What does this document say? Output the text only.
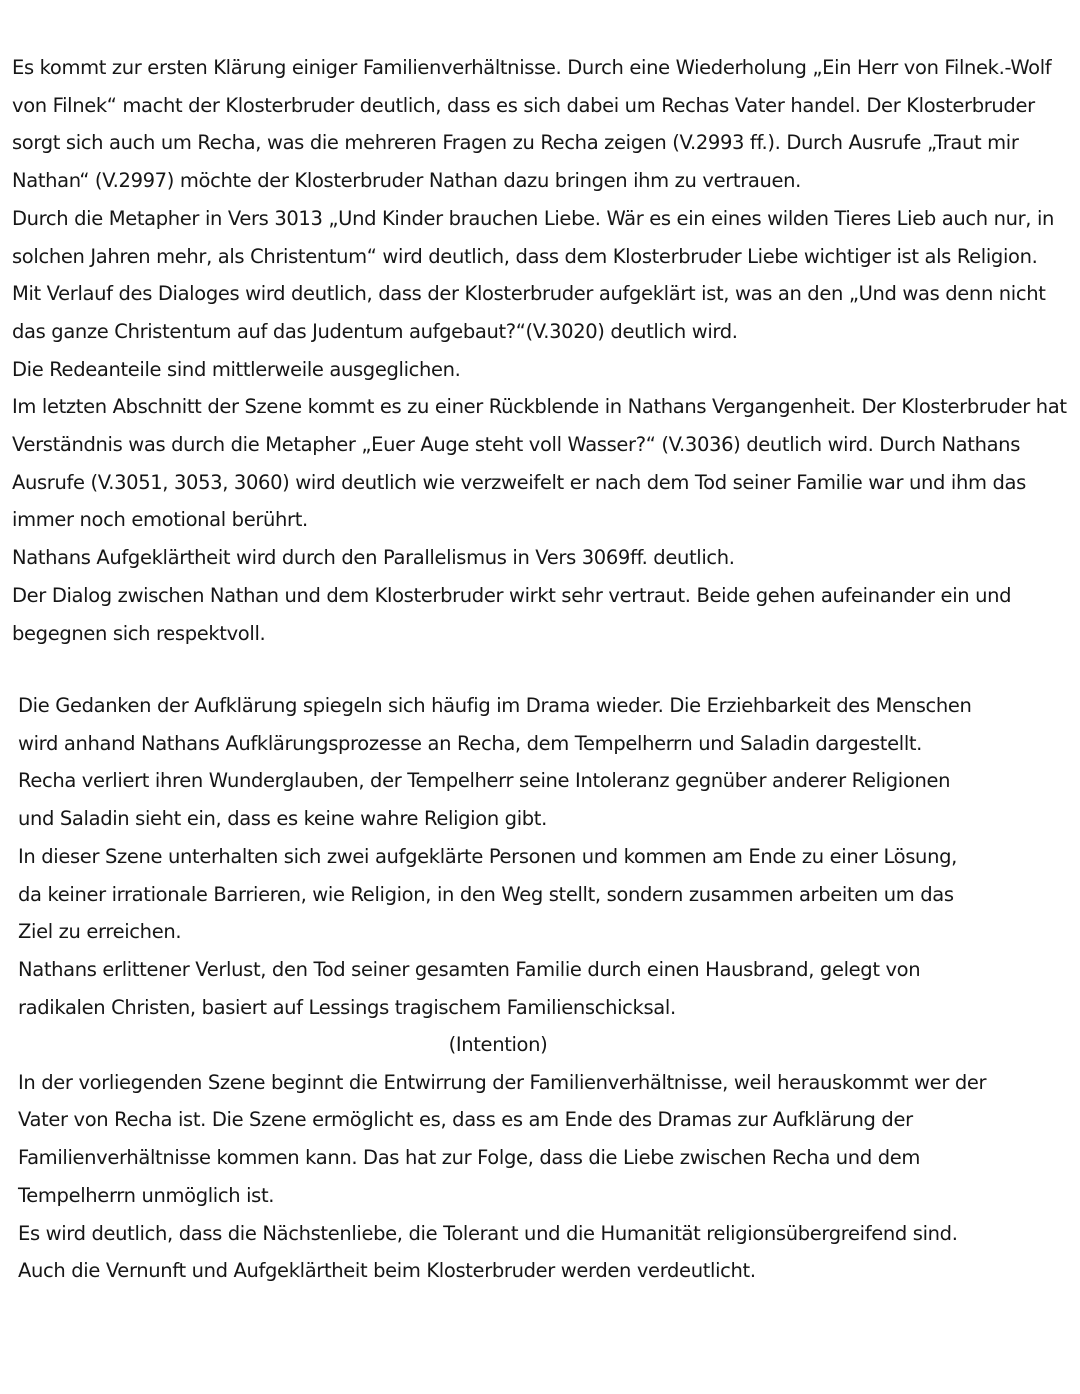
Es kommt zur ersten Klärung einiger Familienverhältnisse. Durch eine Wiederholung „Ein Herr von Filnek.-Wolf von Filnek“ macht der Klosterbruder deutlich, dass es sich dabei um Rechas Vater handel. Der Klosterbruder sorgt sich auch um Recha, was die mehreren Fragen zu Recha zeigen (V.2993 ff.). Durch Ausrufe „Traut mir Nathan“ (V.2997) möchte der Klosterbruder Nathan dazu bringen ihm zu vertrauen.

Durch die Metapher in Vers 3013 „Und Kinder brauchen Liebe. Wär es ein eines wilden Tieres Lieb auch nur, in solchen Jahren mehr, als Christentum“ wird deutlich, dass dem Klosterbruder Liebe wichtiger ist als Religion. Mit Verlauf des Dialoges wird deutlich, dass der Klosterbruder aufgeklärt ist, was an den „Und was denn nicht das ganze Christentum auf das Judentum aufgebaut?“(V.3020) deutlich wird.

Die Redeanteile sind mittlerweile ausgeglichen.

Im letzten Abschnitt der Szene kommt es zu einer Rückblende in Nathans Vergangenheit. Der Klosterbruder hat Verständnis was durch die Metapher „Euer Auge steht voll Wasser?“ (V.3036) deutlich wird. Durch Nathans Ausrufe (V.3051, 3053, 3060) wird deutlich wie verzweifelt er nach dem Tod seiner Familie war und ihm das immer noch emotional berührt.

Nathans Aufgeklärtheit wird durch den Parallelismus in Vers 3069ff. deutlich.

Der Dialog zwischen Nathan und dem Klosterbruder wirkt sehr vertraut. Beide gehen aufeinander ein und begegnen sich respektvoll.

Die Gedanken der Aufklärung spiegeln sich häufig im Drama wieder. Die Erziehbarkeit des Menschen wird anhand Nathans Aufklärungsprozesse an Recha, dem Tempelherrn und Saladin dargestellt. Recha verliert ihren Wunderglauben, der Tempelherr seine Intoleranz gegnüber anderer Religionen und Saladin sieht ein, dass es keine wahre Religion gibt.

In dieser Szene unterhalten sich zwei aufgeklärte Personen und kommen am Ende zu einer Lösung, da keiner irrationale Barrieren, wie Religion, in den Weg stellt, sondern zusammen arbeiten um das Ziel zu erreichen.

Nathans erlittener Verlust, den Tod seiner gesamten Familie durch einen Hausbrand, gelegt von radikalen Christen, basiert auf Lessings tragischem Familienschicksal.

(Intention)

In der vorliegenden Szene beginnt die Entwirrung der Familienverhältnisse, weil herauskommt wer der Vater von Recha ist. Die Szene ermöglicht es, dass es am Ende des Dramas zur Aufklärung der Familienverhältnisse kommen kann. Das hat zur Folge, dass die Liebe zwischen Recha und dem Tempelherrn unmöglich ist.

Es wird deutlich, dass die Nächstenliebe, die Tolerant und die Humanität religionsübergreifend sind. Auch die Vernunft und Aufgeklärtheit beim Klosterbruder werden verdeutlicht.
